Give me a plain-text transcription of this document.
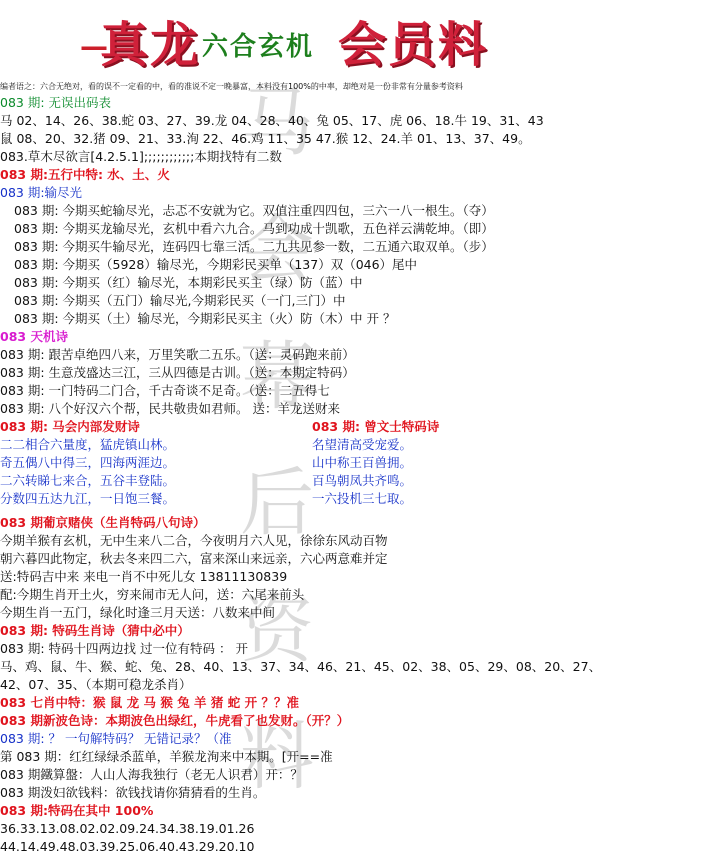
马
会
幕
后
资
料
—
真龙 六合玄机 会员料
编者语之：六合无绝对，看的误不一定看的中，看的准说不定一晚暴富，本料没有100%的中率，却绝对是一份非常有分量参考资料
083 期: 无误出码表
马 02、14、26、38.蛇 03、27、39.龙 04、28、40、兔 05、17、虎 06、18.牛 19、31、43
鼠 08、20、32.猪 09、21、33.洵 22、46.鸡 11、35 47.猴 12、24.羊 01、13、37、49。
083.草木尽欲言[4.2.5.1];;;;;;;;;;;;本期找特有二数
083 期:五行中特: 水、土、火
083 期:输尽光
083 期: 今期买蛇输尽光，忐忑不安就为它。双值注重四四包，三六一八一根生。（夺）
083 期: 今期买龙输尽光，玄机中看六九合。马到功成十凯歌，五色祥云满乾坤。（即）
083 期: 今期买牛输尽光，连码四七靠三活。二九共见参一数，二五通六取双单。（步）
083 期: 今期买（5928）输尽光，今期彩民买单（137）双（046）尾中
083 期: 今期买（红）输尽光，本期彩民买主（绿）防（蓝）中
083 期: 今期买（五门）输尽光,今期彩民买（一门,三门）中
083 期: 今期买（土）输尽光，今期彩民买主（火）防（木）中 开 ？
083 天机诗
083 期: 跟苦卓绝四八来，万里笑歌二五乐。（送：灵码跑来前）
083 期: 生意茂盛达三江，三从四德是古训。（送：本期定特码）
083 期: 一门特码二门合，千古奇谈不足奇。（送：二五得七
083 期: 八个好汉六个帮，民共敬贵如君师。 送：羊龙送财来
083 期: 马会内部发财诗	083 期: 曾文士特码诗
二二相合六量度，猛虎镇山林。	名望清高受宠爱。
奇五偶八中得三，四海两涯边。	山中称王百兽拥。
二六转睇七来合，五谷丰登陆。	百鸟朝凤共齐鸣。
分数四五达九江，一日饱三餐。	一六投机三七取。
083 期葡京赌侠（生肖特码八句诗）
今期羊猴有玄机，无中生来八二合，今夜明月六人见，徐徐东风动百物
朝六暮四此物定，秋去冬来四二六，富来深山来远亲，六心两意难并定
送:特码吉中来 来电一肖不中死儿女 13811130839
配:今期生肖开土火，穷来闹市无人问，送：六尾来前头
今期生肖一五门，绿化时逢三月天送：八数来中间
083 期: 特码生肖诗（猜中必中）
083 期: 特码十四两边找 过一位有特码 ： 开
马、鸡、鼠、牛、猴、蛇、兔、28、40、13、37、34、46、21、45、02、38、05、29、08、20、27、
42、07、35、（本期可稳龙杀肖）
083 七肖中特：猴 鼠 龙 马 猴 兔 羊 猪 蛇 开 ？？准
083 期新波色诗：本期波色出绿红，牛虎看了也发财。（开？）
083 期: ？ 一句解特码？ 无错记录？（准
第 083 期：红红绿绿杀蓝单，羊猴龙洵来中本期。[开==准
083 期鐵算盤：人山人海我独行（老无人识君）开：？
083 期泼妇欲钱料：欲钱找请你猜猜看的生肖。
083 期:特码在其中 100%
36.33.13.08.02.02.09.24.34.38.19.01.26
44.14.49.48.03.39.25.06.40.43.29.20.10
